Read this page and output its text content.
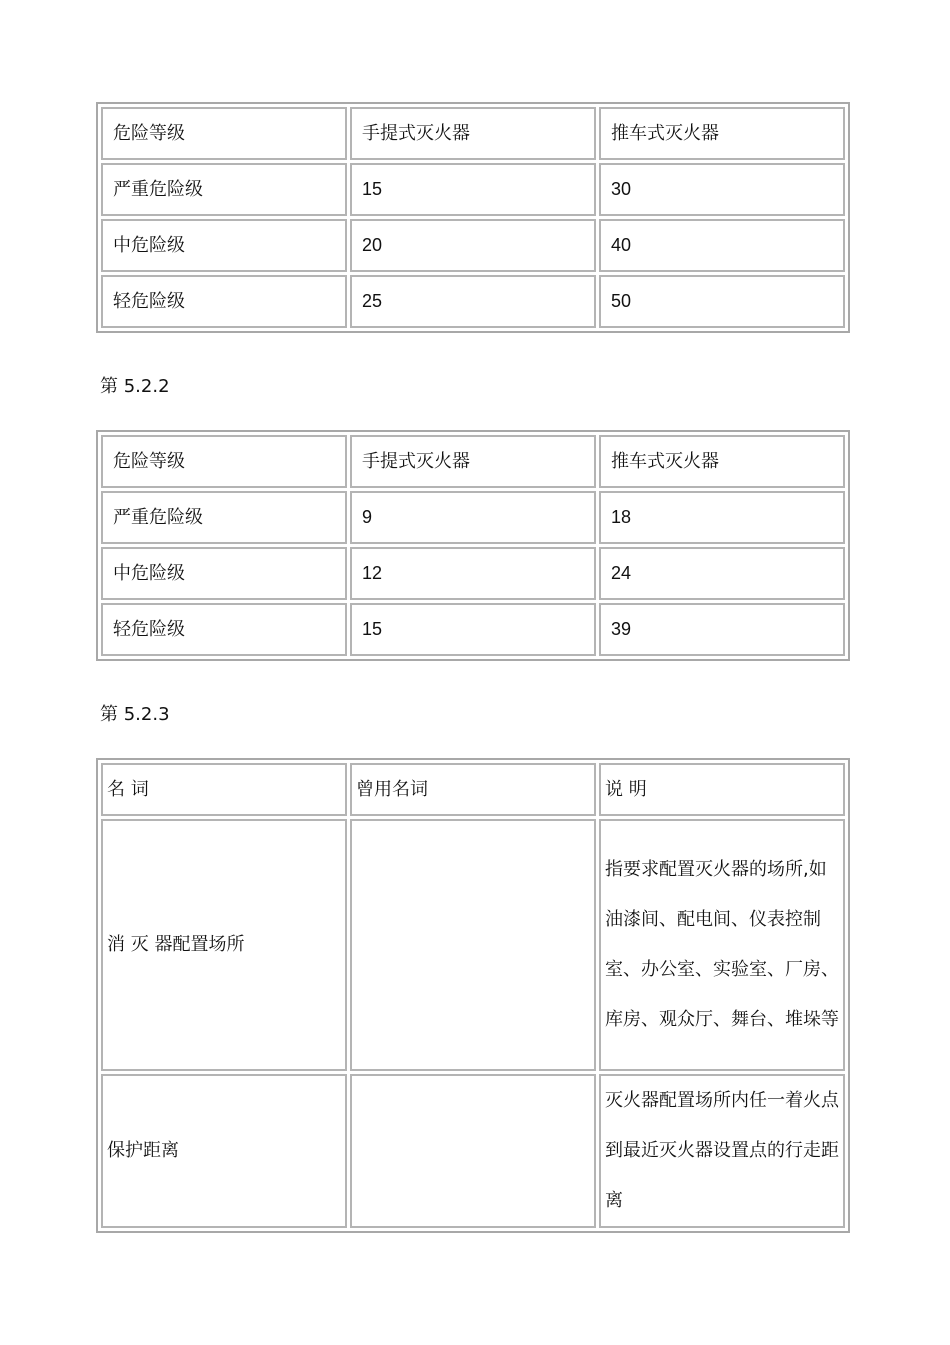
危险等级	手提式灭火器	推车式灭火器
严重危险级	15	30
中危险级	20	40
轻危险级	25	50
第 5.2.2
危险等级	手提式灭火器	推车式灭火器
严重危险级	9	18
中危险级	12	24
轻危险级	15	39
第 5.2.3
名 词	曾用名词	说 明
消 灭 器配置场所		指要求配置灭火器的场所,如油漆间、配电间、仪表控制室、办公室、实验室、厂房、库房、观众厅、舞台、堆垛等
保护距离		灭火器配置场所内任一着火点到最近灭火器设置点的行走距离
